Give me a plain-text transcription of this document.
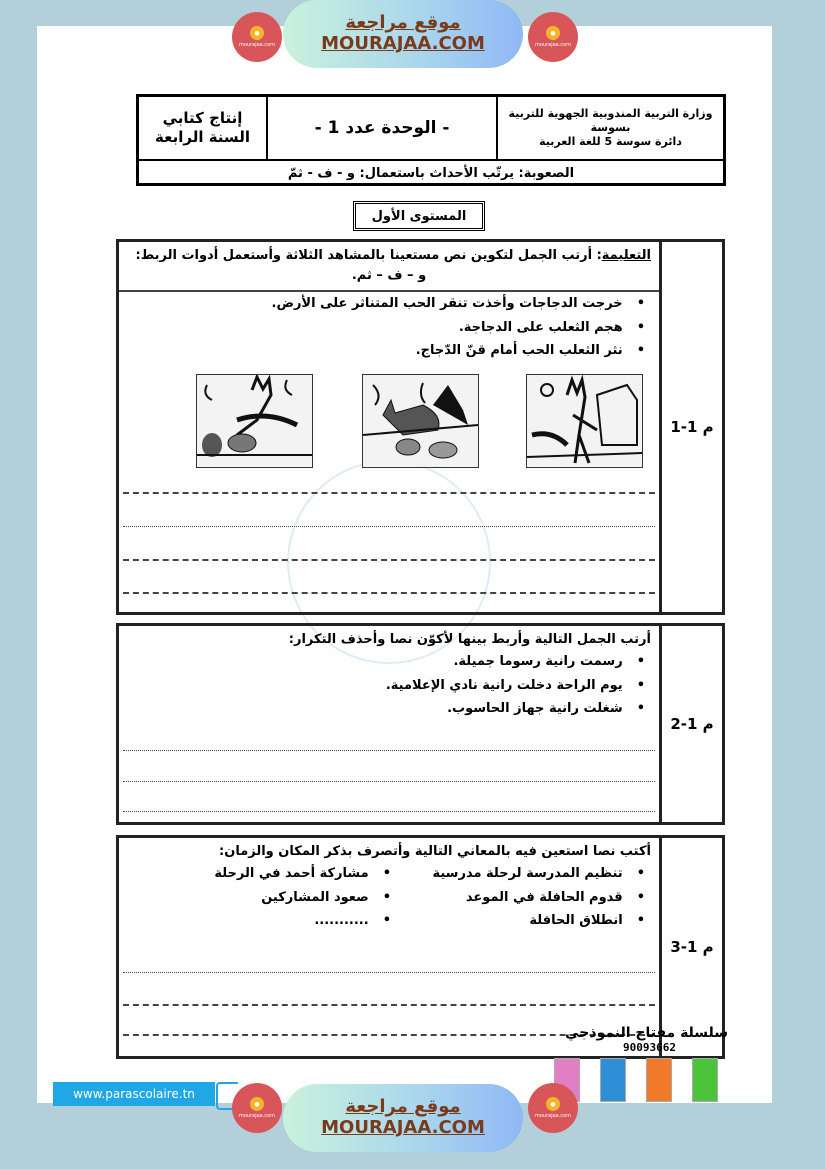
●
mourajaa.com
موقع مراجعة
MOURAJAA.COM	●
mourajaa.com
وزارة التربية المندوبية الجهوية للتربية
بسوسة
دائرة سوسة 5 للغة العربية
- الوحدة عدد 1 -
إنتاج كتابي
السنة الرابعة
الصعوبة: يرتّب الأحداث باستعمال: و - ف - ثمّ
المستوى الأول
م 1-1
التعليمة: أرتب الجمل لتكوين نص مستعينا بالمشاهد الثلاثة وأستعمل أدوات الربط:
و – ف – ثم.
• خرجت الدجاجات وأخذت تنقر الحب المتناثر على الأرض.
• هجم الثعلب على الدجاجة.
• نثر الثعلب الحب أمام قنّ الدّجاج.
م 1-2
أرتب الجمل التالية وأربط بينها لأكوّن نصا وأحذف التكرار:
• رسمت رانية رسوما جميلة.
• يوم الراحة دخلت رانية نادي الإعلامية.
• شغلت رانية جهاز الحاسوب.
م 1-3
أكتب نصا استعين فيه بالمعاني التالية وأتصرف بذكر المكان والزمان:
• تنظيم المدرسة لرحلة مدرسية
• قدوم الحافلة في الموعد
• انطلاق الحافلة
• مشاركة أحمد في الرحلة
• صعود المشاركين
• ...........
سلسلة مفتاح النموذجي
90093662
www.parascolaire.tn
●
mourajaa.com	موقع مراجعة
MOURAJAA.COM
●
mourajaa.com
